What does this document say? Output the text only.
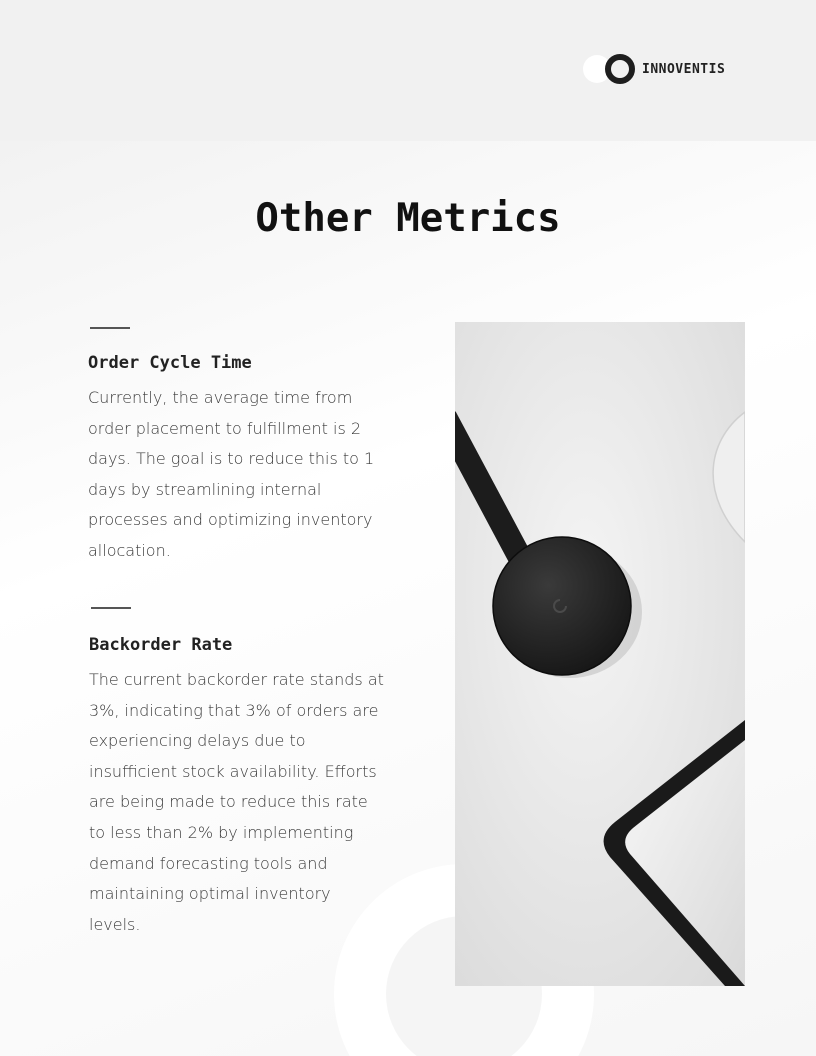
INNOVENTIS
Other Metrics
Order Cycle Time

Currently, the average time from order placement to fulfillment is 2 days. The goal is to reduce this to 1 days by streamlining internal processes and optimizing inventory allocation.

Backorder Rate

The current backorder rate stands at 3%, indicating that 3% of orders are experiencing delays due to insufficient stock availability. Efforts are being made to reduce this rate to less than 2% by implementing demand forecasting tools and maintaining optimal inventory levels.
